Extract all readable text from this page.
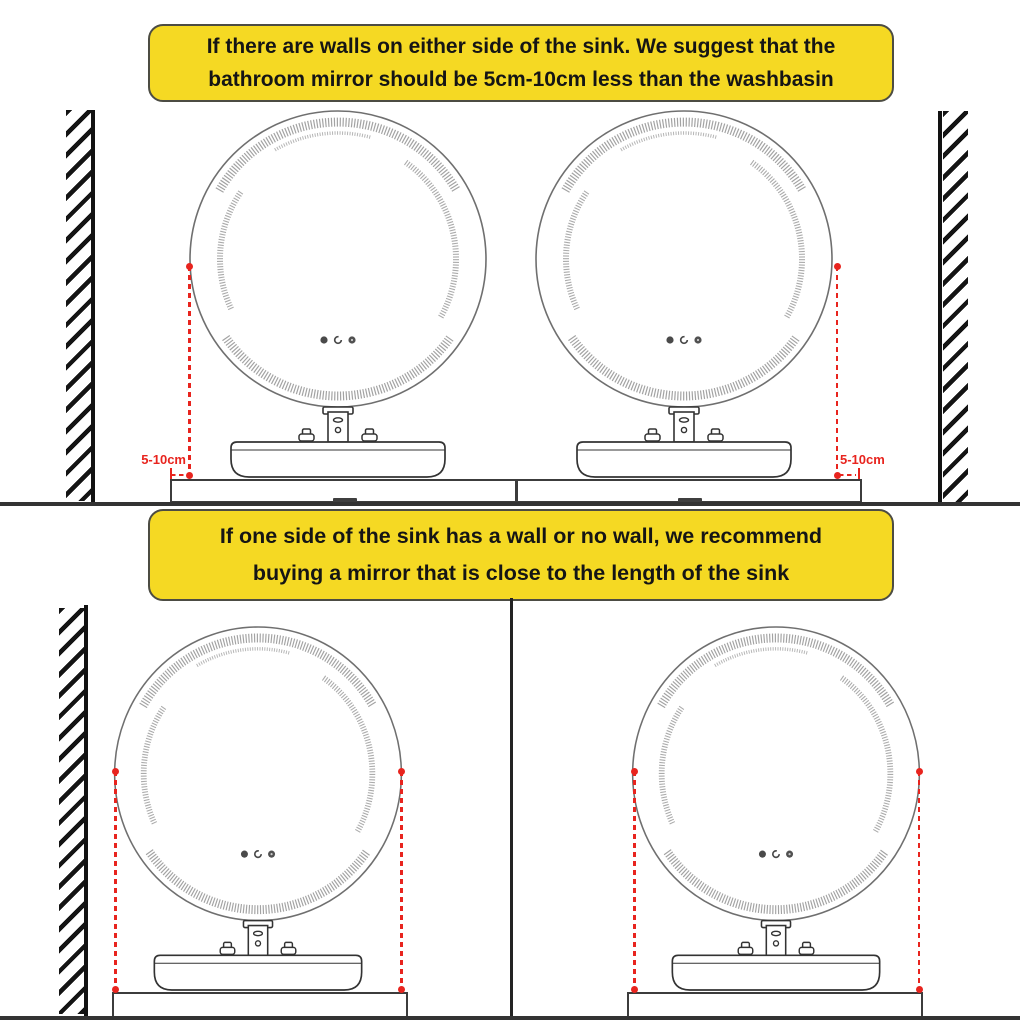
If there are walls on either side of the sink. We suggest that the
bathroom mirror should be 5cm-10cm less than the washbasin
5-10cm	5-10cm
If one side of the sink has a wall or no wall, we recommend
buying a mirror that is close to the length of the sink
